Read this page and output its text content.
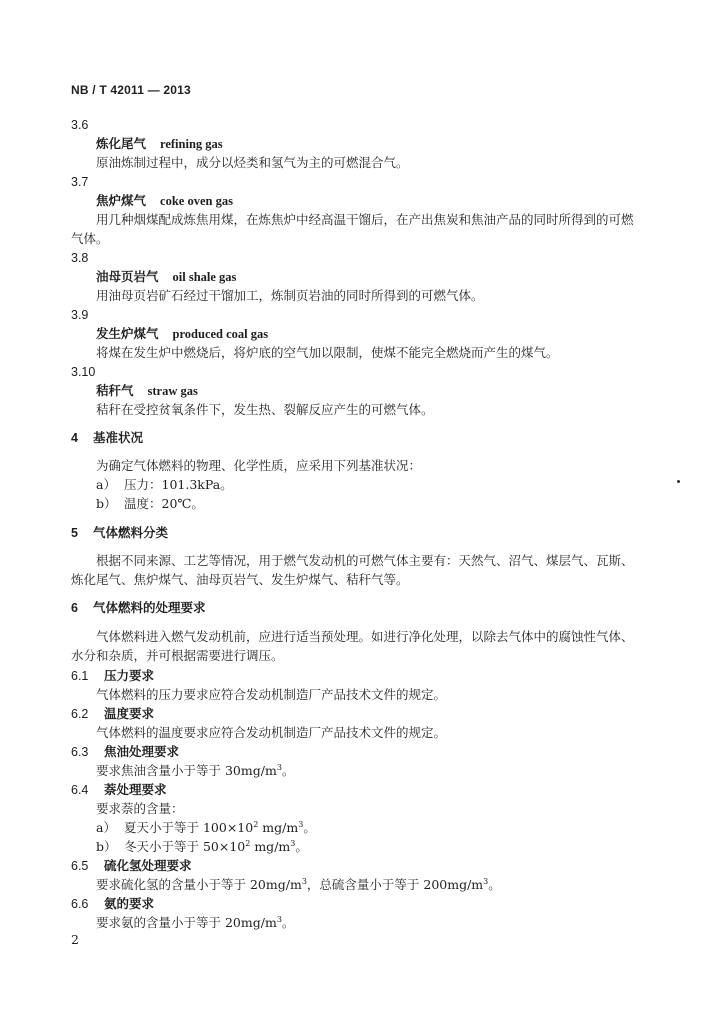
NB / T 42011 — 2013
3.6
炼化尾气 refining gas
原油炼制过程中，成分以烃类和氢气为主的可燃混合气。
3.7
焦炉煤气 coke oven gas
用几种烟煤配成炼焦用煤，在炼焦炉中经高温干馏后，在产出焦炭和焦油产品的同时所得到的可燃
气体。
3.8
油母页岩气 oil shale gas
用油母页岩矿石经过干馏加工，炼制页岩油的同时所得到的可燃气体。
3.9
发生炉煤气 produced coal gas
将煤在发生炉中燃烧后，将炉底的空气加以限制，使煤不能完全燃烧而产生的煤气。
3.10
秸秆气 straw gas
秸秆在受控贫氧条件下，发生热、裂解反应产生的可燃气体。
4 基准状况
为确定气体燃料的物理、化学性质，应采用下列基准状况：
a） 压力：101.3kPa。
b） 温度：20℃。
5 气体燃料分类
根据不同来源、工艺等情况，用于燃气发动机的可燃气体主要有：天然气、沼气、煤层气、瓦斯、
炼化尾气、焦炉煤气、油母页岩气、发生炉煤气、秸秆气等。
6 气体燃料的处理要求
气体燃料进入燃气发动机前，应进行适当预处理。如进行净化处理，以除去气体中的腐蚀性气体、
水分和杂质，并可根据需要进行调压。
6.1 压力要求
气体燃料的压力要求应符合发动机制造厂产品技术文件的规定。
6.2 温度要求
气体燃料的温度要求应符合发动机制造厂产品技术文件的规定。
6.3 焦油处理要求
要求焦油含量小于等于 $30mg/m^3$。
6.4 萘处理要求
要求萘的含量：
a） 夏天小于等于 $100\times 10^2$ $mg/m^3$。
b） 冬天小于等于 $50\times 10^2$ $mg/m^3$。
6.5 硫化氢处理要求
要求硫化氢的含量小于等于 $20mg/m^3$，总硫含量小于等于 $200mg/m^3$。
6.6 氨的要求
要求氨的含量小于等于 $20mg/m^3$。
2
